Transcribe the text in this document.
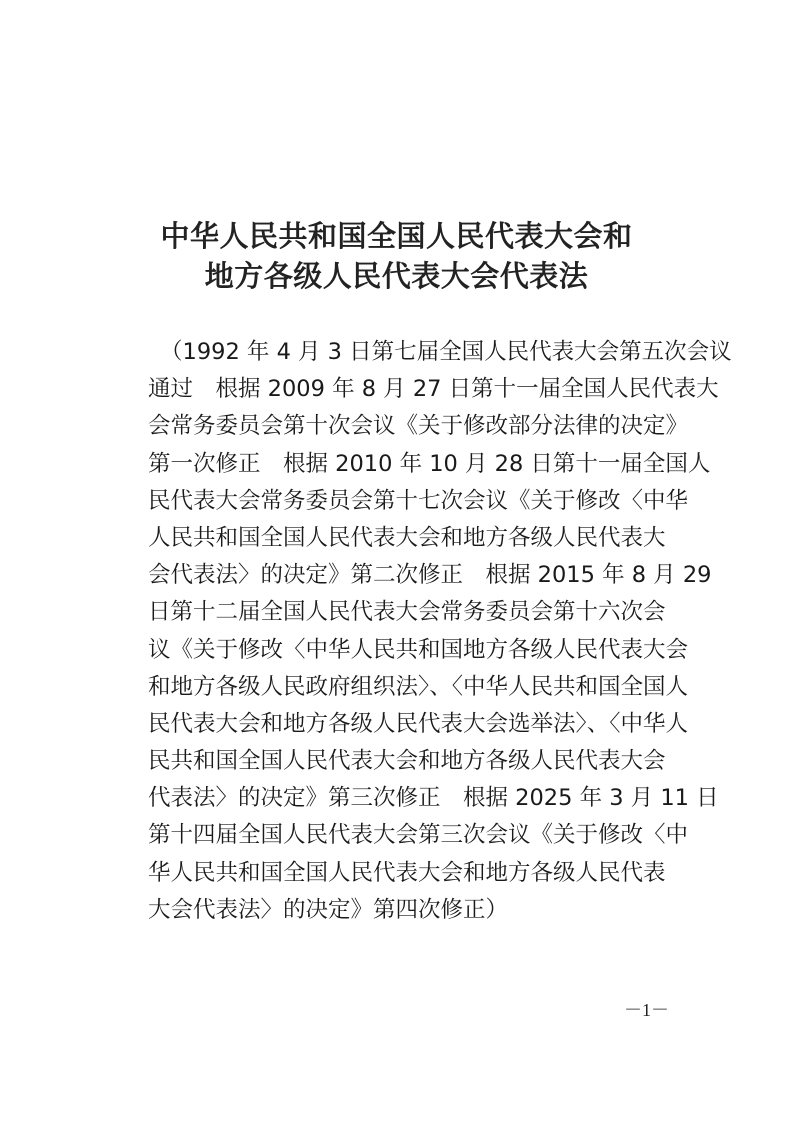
中华人民共和国全国人民代表大会和
地方各级人民代表大会代表法
（1992 年 4 月 3 日第七届全国人民代表大会第五次会议
通过　根据 2009 年 8 月 27 日第十一届全国人民代表大
会常务委员会第十次会议《关于修改部分法律的决定》
第一次修正　根据 2010 年 10 月 28 日第十一届全国人
民代表大会常务委员会第十七次会议《关于修改〈中华
人民共和国全国人民代表大会和地方各级人民代表大
会代表法〉的决定》第二次修正　根据 2015 年 8 月 29
日第十二届全国人民代表大会常务委员会第十六次会
议《关于修改〈中华人民共和国地方各级人民代表大会
和地方各级人民政府组织法〉、〈中华人民共和国全国人
民代表大会和地方各级人民代表大会选举法〉、〈中华人
民共和国全国人民代表大会和地方各级人民代表大会
代表法〉的决定》第三次修正　根据 2025 年 3 月 11 日
第十四届全国人民代表大会第三次会议《关于修改〈中
华人民共和国全国人民代表大会和地方各级人民代表
大会代表法〉的决定》第四次修正）
－1－
